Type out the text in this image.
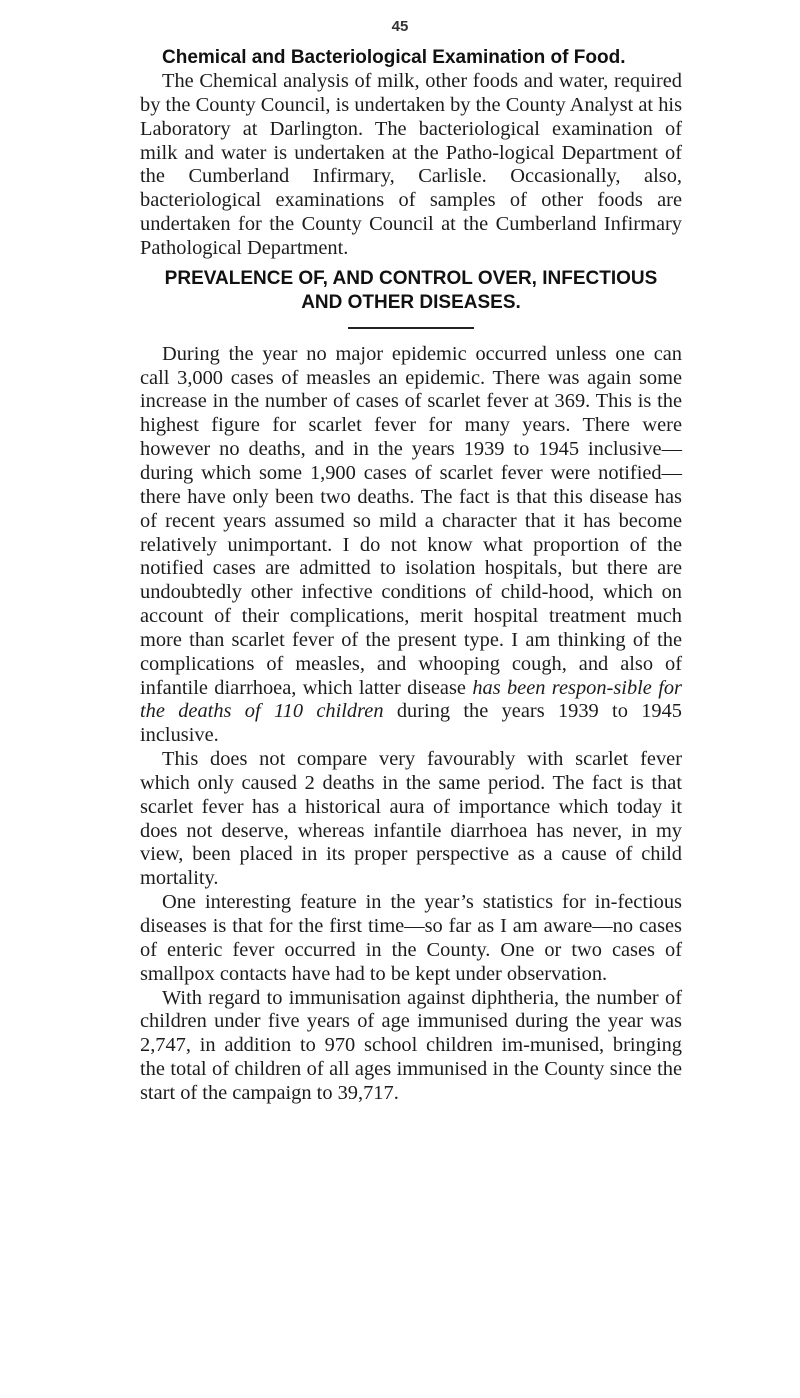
45
Chemical and Bacteriological Examination of Food.

The Chemical analysis of milk, other foods and water, required by the County Council, is undertaken by the County Analyst at his Laboratory at Darlington. The bacteriological examination of milk and water is undertaken at the Patho-logical Department of the Cumberland Infirmary, Carlisle. Occasionally, also, bacteriological examinations of samples of other foods are undertaken for the County Council at the Cumberland Infirmary Pathological Department.

PREVALENCE OF, AND CONTROL OVER, INFECTIOUS
AND OTHER DISEASES.

During the year no major epidemic occurred unless one can call 3,000 cases of measles an epidemic. There was again some increase in the number of cases of scarlet fever at 369. This is the highest figure for scarlet fever for many years. There were however no deaths, and in the years 1939 to 1945 inclusive—during which some 1,900 cases of scarlet fever were notified—there have only been two deaths. The fact is that this disease has of recent years assumed so mild a character that it has become relatively unimportant. I do not know what proportion of the notified cases are admitted to isolation hospitals, but there are undoubtedly other infective conditions of child-hood, which on account of their complications, merit hospital treatment much more than scarlet fever of the present type. I am thinking of the complications of measles, and whooping cough, and also of infantile diarrhoea, which latter disease has been respon-sible for the deaths of 110 children during the years 1939 to 1945 inclusive.

This does not compare very favourably with scarlet fever which only caused 2 deaths in the same period. The fact is that scarlet fever has a historical aura of importance which today it does not deserve, whereas infantile diarrhoea has never, in my view, been placed in its proper perspective as a cause of child mortality.

One interesting feature in the year’s statistics for in-fectious diseases is that for the first time—so far as I am aware—no cases of enteric fever occurred in the County. One or two cases of smallpox contacts have had to be kept under observation.

With regard to immunisation against diphtheria, the number of children under five years of age immunised during the year was 2,747, in addition to 970 school children im-munised, bringing the total of children of all ages immunised in the County since the start of the campaign to 39,717.
